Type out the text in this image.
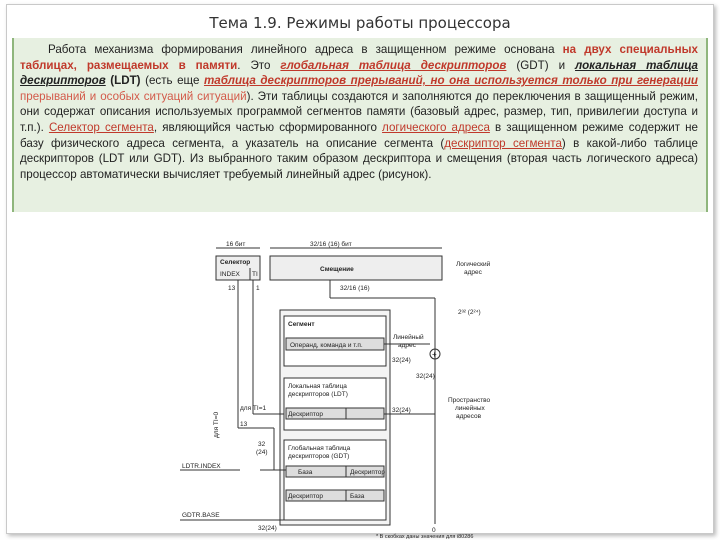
Тема 1.9. Режимы работы процессора

Работа механизма формирования линейного адреса в защищенном режиме основана на двух специальных таблицах, размещаемых в памяти. Это глобальная таблица дескрипторов (GDT) и локальная таблица дескрипторов (LDT) (есть еще таблица дескрипторов прерываний, но она используется только при генерации прерываний и особых ситуаций ситуаций). Эти таблицы создаются и заполняются до переключения в защищенный режим, они содержат описания используемых программой сегментов памяти (базовый адрес, размер, тип, привилегии доступа и т.п.). Селектор сегмента, являющийся частью сформированного логического адреса в защищенном режиме содержит не базу физического адреса сегмента, а указатель на описание сегмента (дескриптор сегмента) в какой-либо таблице дескрипторов (LDT или GDT). Из выбранного таким образом дескриптора и смещения (вторая часть логического адреса) процессор автоматически вычисляет требуемый линейный адрес (рисунок).

16 бит	32/16 (16) бит
Селектор
INDEX TI
Смещение
Логический
адрес
13	1	32/16 (16)
2³² (2²⁴)
Сегмент
Операнд, команда и т.п.
Линейный
адрес
+
32(24)
32(24)
Локальная таблица
дескрипторов (LDT)
для TI=1
Дескриптор
32(24)
Пространство
линейных
адресов
для TI=0	13
32
(24)
Глобальная таблица
дескрипторов (GDT)
База	Дескриптор
LDTR.INDEX
Дескриптор	База
GDTR.BASE
32(24)	0
* В скобках даны значения для i80286
